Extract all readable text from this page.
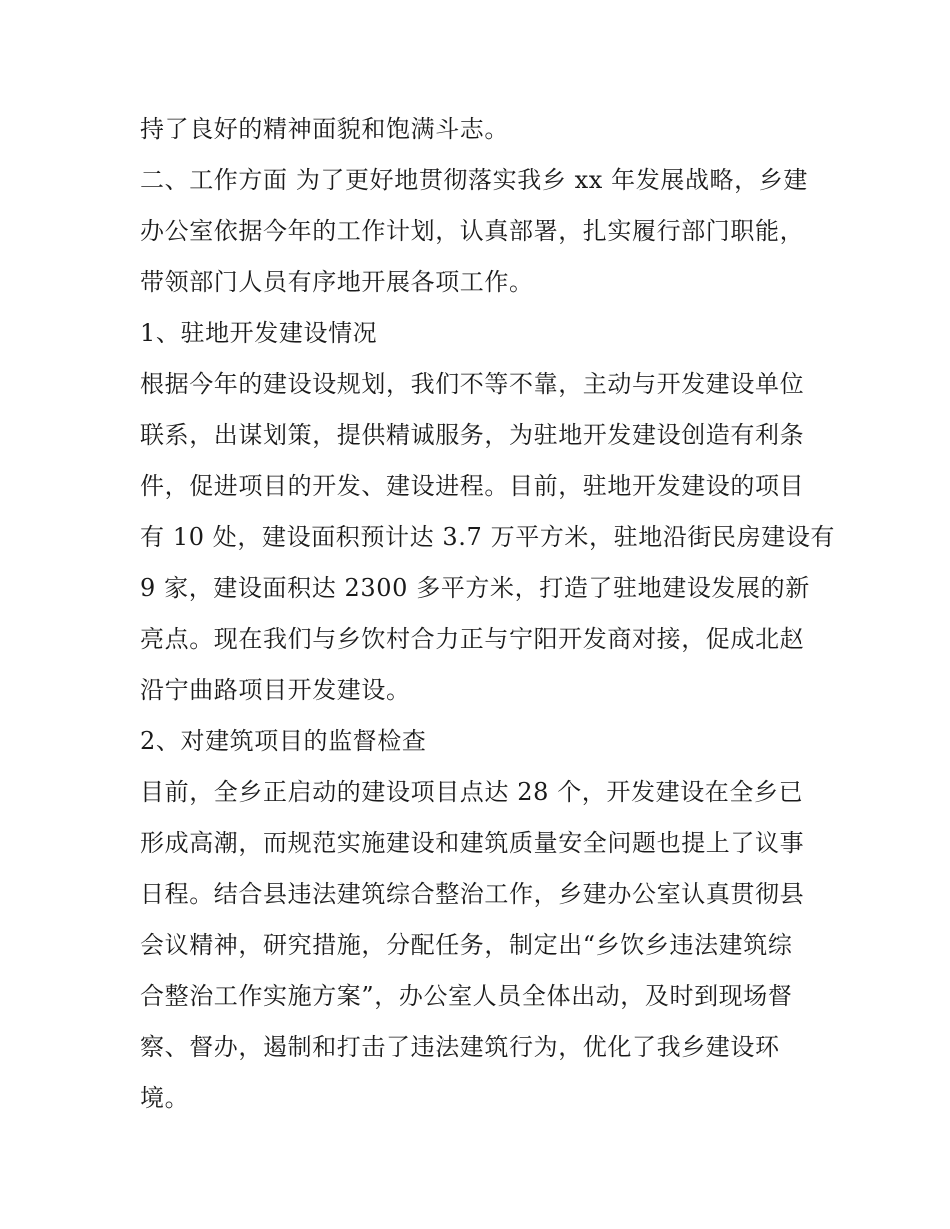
持了良好的精神面貌和饱满斗志。
二、工作方面 为了更好地贯彻落实我乡 xx 年发展战略，乡建
办公室依据今年的工作计划，认真部署，扎实履行部门职能，
带领部门人员有序地开展各项工作。
1、驻地开发建设情况
根据今年的建设设规划，我们不等不靠，主动与开发建设单位
联系，出谋划策，提供精诚服务，为驻地开发建设创造有利条
件，促进项目的开发、建设进程。目前，驻地开发建设的项目
有 10 处，建设面积预计达 3.7 万平方米，驻地沿街民房建设有
9 家，建设面积达 2300 多平方米，打造了驻地建设发展的新
亮点。现在我们与乡饮村合力正与宁阳开发商对接，促成北赵
沿宁曲路项目开发建设。
2、对建筑项目的监督检查
目前，全乡正启动的建设项目点达 28 个，开发建设在全乡已
形成高潮，而规范实施建设和建筑质量安全问题也提上了议事
日程。结合县违法建筑综合整治工作，乡建办公室认真贯彻县
会议精神，研究措施，分配任务，制定出“乡饮乡违法建筑综
合整治工作实施方案”，办公室人员全体出动，及时到现场督
察、督办，遏制和打击了违法建筑行为，优化了我乡建设环
境。
